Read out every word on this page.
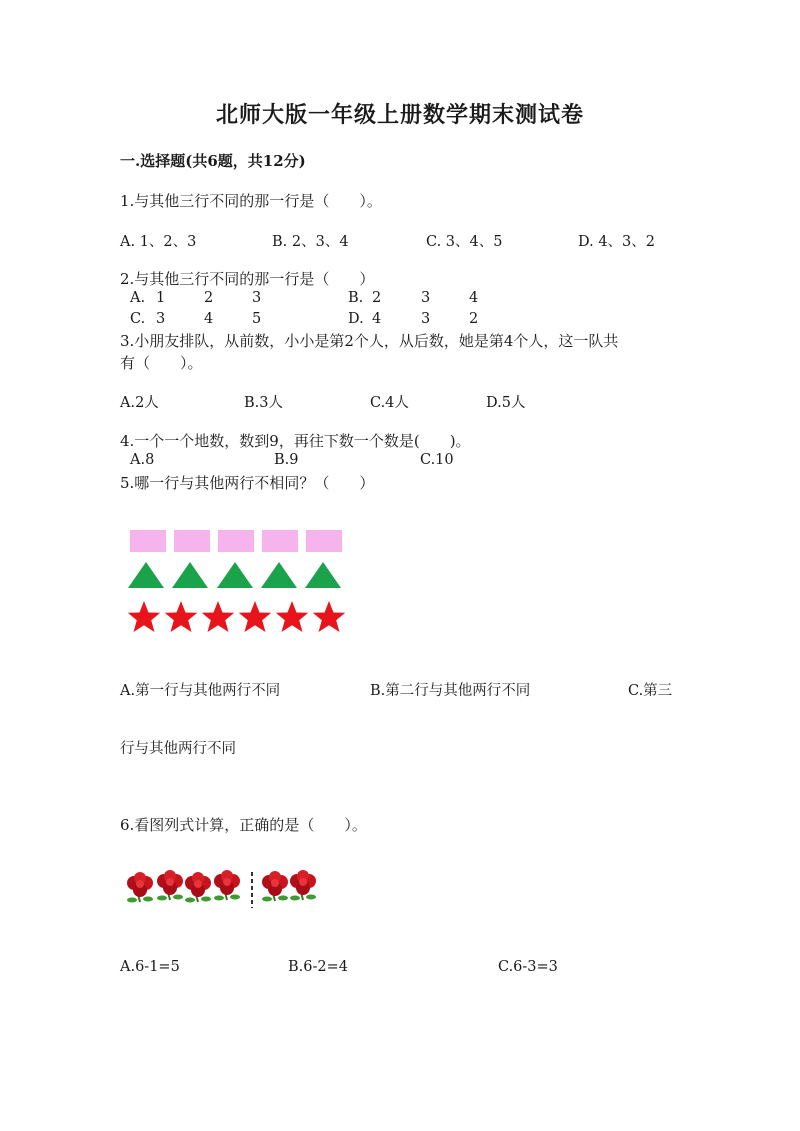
北师大版一年级上册数学期末测试卷
一.选择题(共6题，共12分)
1.与其他三行不同的那一行是（　　）。
A. 1、2、3	B. 2、3、4	C. 3、4、5	D. 4、3、2
2.与其他三行不同的那一行是（　　）
A. 1	2	3	B. 2	3	4
C. 3	4	5	D. 4	3	2
3.小朋友排队，从前数，小小是第2个人，从后数，她是第4个人，这一队共
有（　　）。
A.2人	B.3人	C.4人	D.5人
4.一个一个地数，数到9，再往下数一个数是(　　)。
A.8	B.9	C.10
5.哪一行与其他两行不相同？（　　）
A.第一行与其他两行不同	B.第二行与其他两行不同	C.第三
行与其他两行不同
6.看图列式计算，正确的是（　　）。
A.6-1=5	B.6-2=4	C.6-3=3
